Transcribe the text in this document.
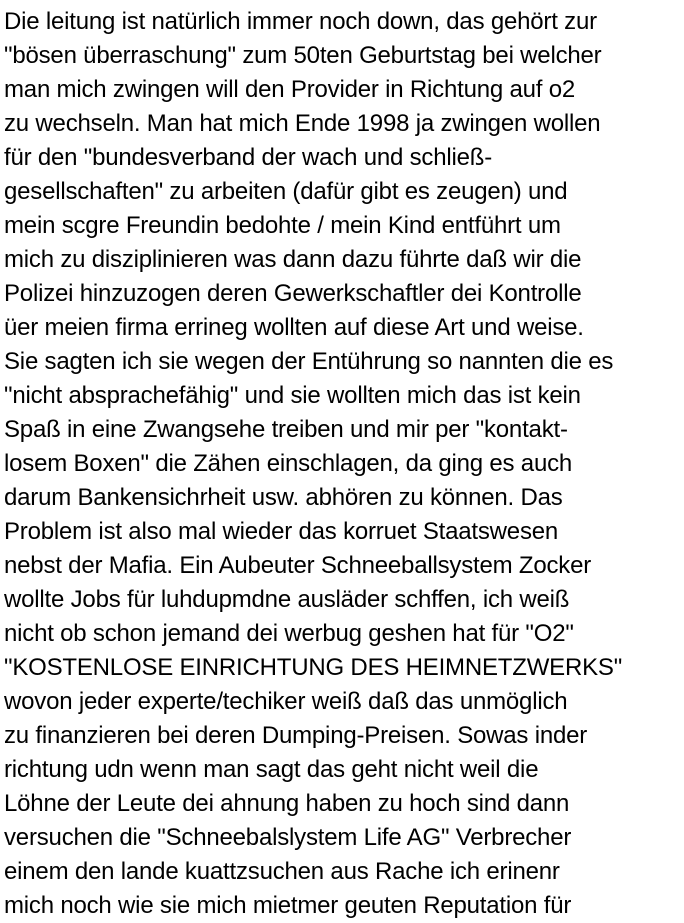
Die leitung ist natürlich immer noch down, das gehört zur
"bösen überraschung" zum 50ten Geburtstag bei welcher
man mich zwingen will den Provider in Richtung auf o2
zu wechseln. Man hat mich Ende 1998 ja zwingen wollen
für den "bundesverband der wach und schließ-
gesellschaften" zu arbeiten (dafür gibt es zeugen) und
mein scgre Freundin bedohte / mein Kind entführt um
mich zu disziplinieren was dann dazu führte daß wir die
Polizei hinzuzogen deren Gewerkschaftler dei Kontrolle
üer meien firma errineg wollten auf diese Art und weise.
Sie sagten ich sie wegen der Entührung so nannten die es
"nicht absprachefähig" und sie wollten mich das ist kein
Spaß in eine Zwangsehe treiben und mir per "kontakt-
losem Boxen" die Zähen einschlagen, da ging es auch
darum Bankensichrheit usw. abhören zu können. Das
Problem ist also mal wieder das korruet Staatswesen
nebst der Mafia. Ein Aubeuter Schneeballsystem Zocker
wollte Jobs für luhdupmdne ausläder schffen, ich weiß
nicht ob schon jemand dei werbug geshen hat für "O2"
"KOSTENLOSE EINRICHTUNG DES HEIMNETZWERKS"
wovon jeder experte/techiker weiß daß das unmöglich
zu finanzieren bei deren Dumping-Preisen. Sowas inder
richtung udn wenn man sagt das geht nicht weil die
Löhne der Leute dei ahnung haben zu hoch sind dann
versuchen die "Schneebalslystem Life AG" Verbrecher
einem den lande kuattzsuchen aus Rache ich erinenr
mich noch wie sie mich mietmer geuten Reputation für
